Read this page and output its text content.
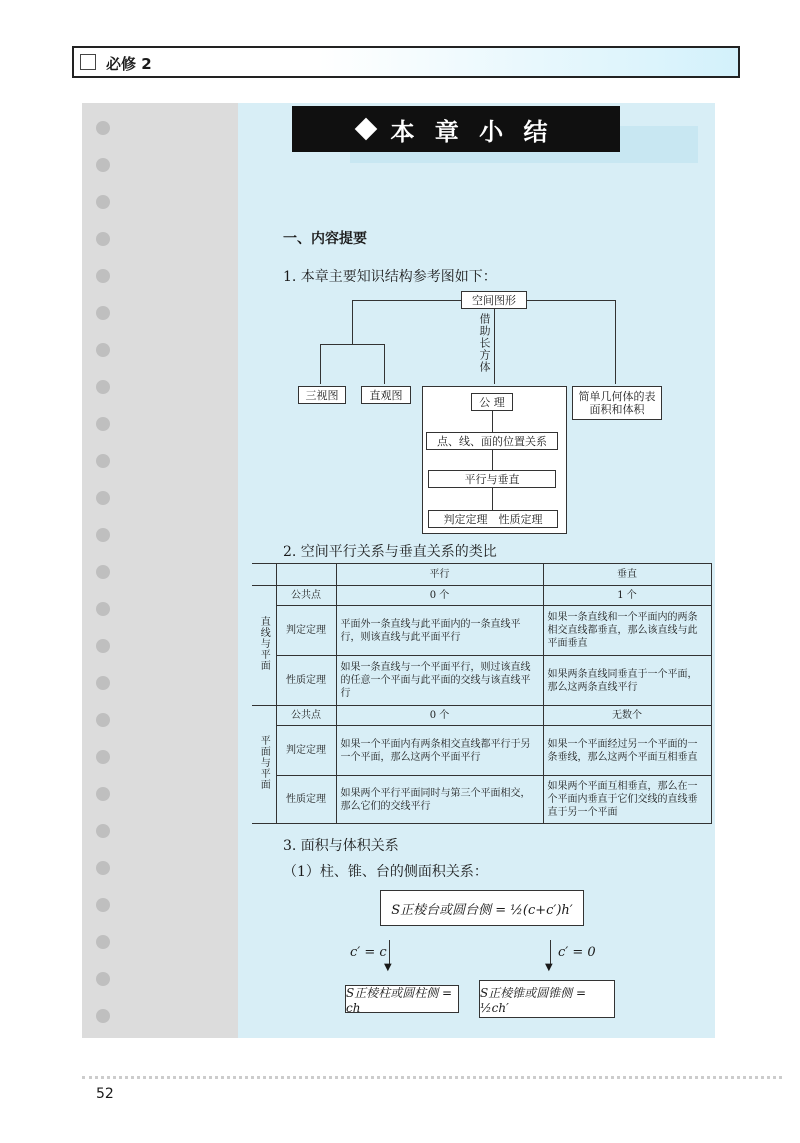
必修 2
本 章 小 结
一、内容提要
1. 本章主要知识结构参考图如下：
空间图形
借助长方体
三视图	直观图	简单几何体的表面积和体积
公 理
点、线、面的位置关系
平行与垂直
判定定理　性质定理
2. 空间平行关系与垂直关系的类比
		平行	垂直
直线与平面	公共点	0 个	1 个
	判定定理	平面外一条直线与此平面内的一条直线平行，则该直线与此平面平行	如果一条直线和一个平面内的两条相交直线都垂直，那么该直线与此平面垂直
	性质定理	如果一条直线与一个平面平行，则过该直线的任意一个平面与此平面的交线与该直线平行	如果两条直线同垂直于一个平面，那么这两条直线平行
平面与平面	公共点	0 个	无数个
	判定定理	如果一个平面内有两条相交直线都平行于另一个平面，那么这两个平面平行	如果一个平面经过另一个平面的一条垂线，那么这两个平面互相垂直
	性质定理	如果两个平行平面同时与第三个平面相交，那么它们的交线平行	如果两个平面互相垂直，那么在一个平面内垂直于它们交线的直线垂直于另一个平面
3. 面积与体积关系
（1）柱、锥、台的侧面积关系：
S正棱台或圆台侧 = ½(c+c′)h′
▼	▼
c′ = c	c′ = 0
S正棱柱或圆柱侧 = ch
S正棱锥或圆锥侧 = ½ch′
52
